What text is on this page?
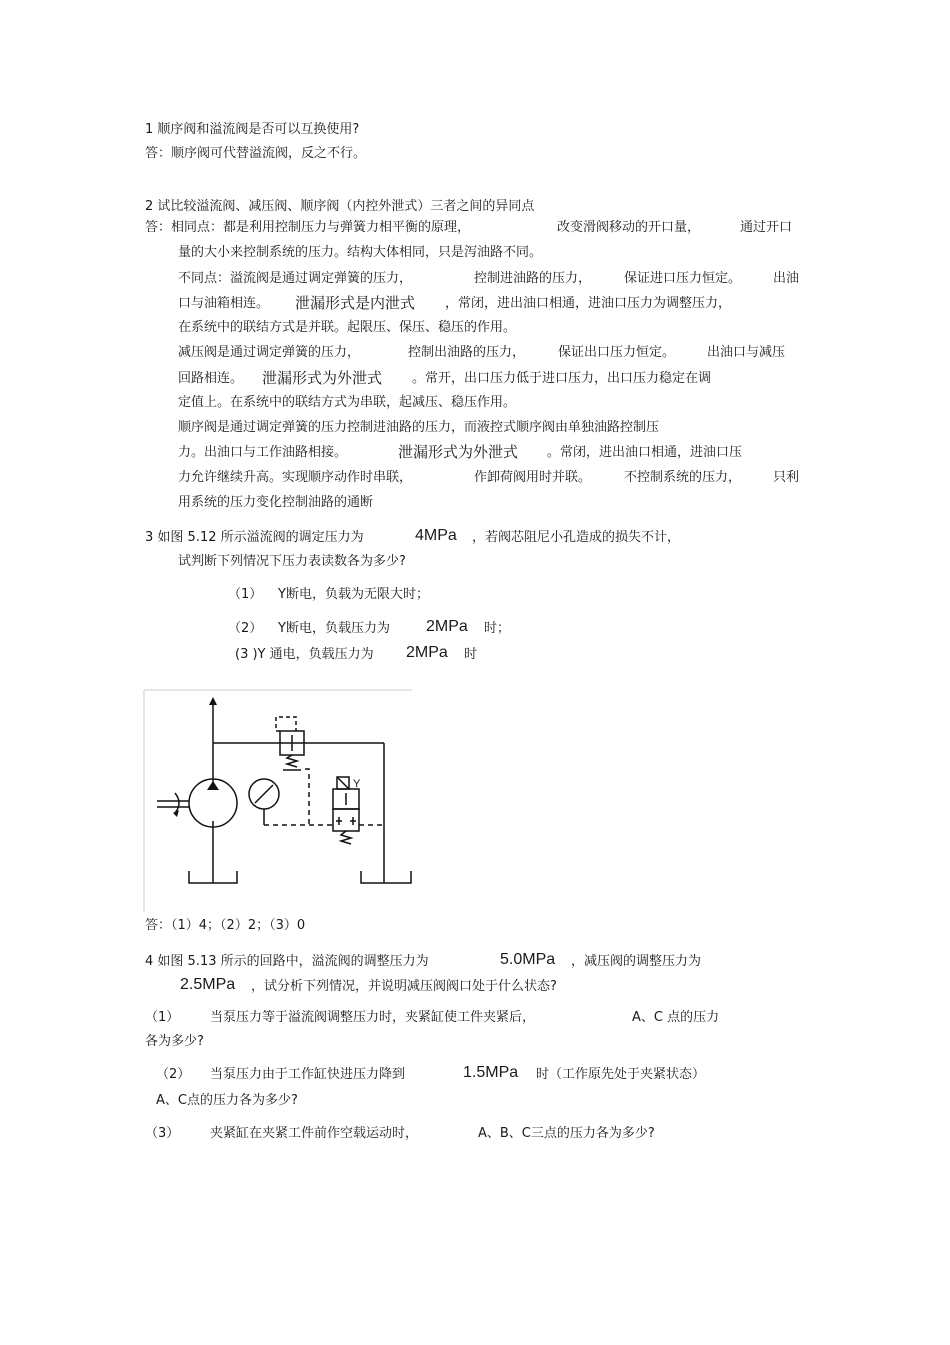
1 顺序阀和溢流阀是否可以互换使用?
答：顺序阀可代替溢流阀，反之不行。
2 试比较溢流阀、减压阀、顺序阀（内控外泄式）三者之间的异同点
答：相同点：都是利用控制压力与弹簧力相平衡的原理，	改变滑阀移动的开口量，	通过开口
量的大小来控制系统的压力。结构大体相同，只是泻油路不同。
不同点：溢流阀是通过调定弹簧的压力，	控制进油路的压力，	保证进口压力恒定。 出油
口与油箱相连。 泄漏形式是内泄式 ，常闭，进出油口相通，进油口压力为调整压力，
在系统中的联结方式是并联。起限压、保压、稳压的作用。
减压阀是通过调定弹簧的压力，	控制出油路的压力，	保证出口压力恒定。 出油口与减压
回路相连。 泄漏形式为外泄式 。常开，出口压力低于进口压力，出口压力稳定在调
定值上。在系统中的联结方式为串联，起减压、稳压作用。
顺序阀是通过调定弹簧的压力控制进油路的压力，而液控式顺序阀由单独油路控制压
力。出油口与工作油路相接。	泄漏形式为外泄式 。常闭，进出油口相通，进油口压
力允许继续升高。实现顺序动作时串联，	作卸荷阀用时并联。	不控制系统的压力， 只利
用系统的压力变化控制油路的通断
3 如图 5.12 所示溢流阀的调定压力为	4MPa ，若阀芯阻尼小孔造成的损失不计，
试判断下列情况下压力表读数各为多少?
（1） Y断电，负载为无限大时；
（2） Y断电，负载压力为 2MPa 时；
(3 )Y 通电，负载压力为 2MPa 时
Y
答：（1）4；（2）2；（3）0
4 如图 5.13 所示的回路中，溢流阀的调整压力为	5.0MPa ，减压阀的调整压力为
2.5MPa ，试分析下列情况，并说明减压阀阀口处于什么状态?
（1） 当泵压力等于溢流阀调整压力时，夹紧缸使工件夹紧后，	A、C 点的压力
各为多少?
（2） 当泵压力由于工作缸快进压力降到	1.5MPa 时（工作原先处于夹紧状态）
A、C点的压力各为多少?
（3） 夹紧缸在夹紧工件前作空载运动时，	A、B、C三点的压力各为多少?
